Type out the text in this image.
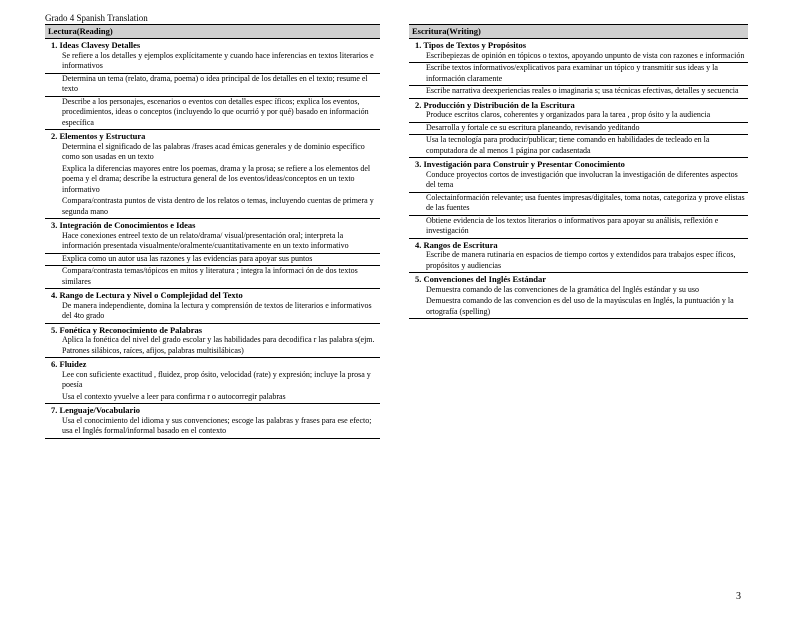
Grado 4 Spanish Translation
Lectura(Reading)
1. Ideas Clavesy Detalles
Se refiere a los detalles y ejemplos explícitamente y cuando hace inferencias en textos literarios e informativos
Determina un tema (relato, drama, poema) o idea principal de los detalles en el texto; resume el texto
Describe a los personajes, escenarios o eventos con detalles espec íficos; explica los eventos, procedimientos, ideas o conceptos (incluyendo lo que ocurrió y por qué) basado en información específica
2. Elementos y Estructura
Determina el significado de las palabras /frases acad émicas generales y de dominio específico como son usadas en un texto
Explica la diferencias mayores entre los poemas, drama y la prosa; se refiere a los elementos del poema y el drama; describe la estructura general de los eventos/ideas/conceptos en un texto informativo
Compara/contrasta puntos de vista dentro de los relatos o temas, incluyendo cuentas de primera y segunda mano
3. Integración de Conocimientos e Ideas
Hace conexiones entreel texto de un relato/drama/ visual/presentación oral; interpreta la información presentada visualmente/oralmente/cuantitativamente en un texto informativo
Explica como un autor usa las razones y las evidencias para apoyar sus puntos
Compara/contrasta temas/tópicos en mitos y literatura ; integra la informaci ón de dos textos similares
4. Rango de Lectura y Nivel o Complejidad del Texto
De manera independiente, domina la lectura y comprensión de textos de literarios e informativos del 4to grado
5. Fonética y Reconocimiento de Palabras
Aplica la fonética del nivel del grado escolar y las habilidades para decodifica r las palabra s(ejm. Patrones silábicos, raíces, afijos, palabras multisilábicas)
6. Fluidez
Lee con suficiente exactitud , fluidez, prop ósito, velocidad (rate) y expresión; incluye la prosa y poesía
Usa el contexto yvuelve a leer para confirma r o autocorregir palabras
7. Lenguaje/Vocabulario
Usa el conocimiento del idioma y sus convenciones; escoge las palabras y frases para ese efecto; usa el Inglés formal/informal basado en el contexto
Escritura(Writing)
1. Tipos de Textos y Propósitos
Escribepiezas de opinión en tópicos o textos, apoyando unpunto de vista con razones e información
Escribe textos informativos/explicativos para examinar un tópico y transmitir sus ideas y la información claramente
Escribe narrativa deexperiencias reales o imaginaria s; usa técnicas efectivas, detalles y secuencia
2. Producción y Distribución de la Escritura
Produce escritos claros, coherentes y organizados para la tarea , prop ósito y la audiencia
Desarrolla y fortale ce su escritura planeando, revisando yeditando
Usa la tecnología para producir/publicar; tiene comando en habilidades de tecleado en la computadora de al menos 1 página por cadasentada
3. Investigación para Construir y Presentar Conocimiento
Conduce proyectos cortos de investigación que involucran la investigación de diferentes aspectos del tema
Colectainformación relevante; usa fuentes impresas/digitales, toma notas, categoriza y prove elistas de las fuentes
Obtiene evidencia de los textos literarios o informativos para apoyar su análisis, reflexión e investigación
4. Rangos de Escritura
Escribe de manera rutinaria en espacios de tiempo cortos y extendidos para trabajos espec íficos, propósitos y audiencias
5. Convenciones del Inglés Estándar
Demuestra comando de las convenciones de la gramática del Inglés estándar y su uso
Demuestra comando de las convencion es del uso de la mayúsculas en Inglés, la puntuación y la ortografía (spelling)
3
